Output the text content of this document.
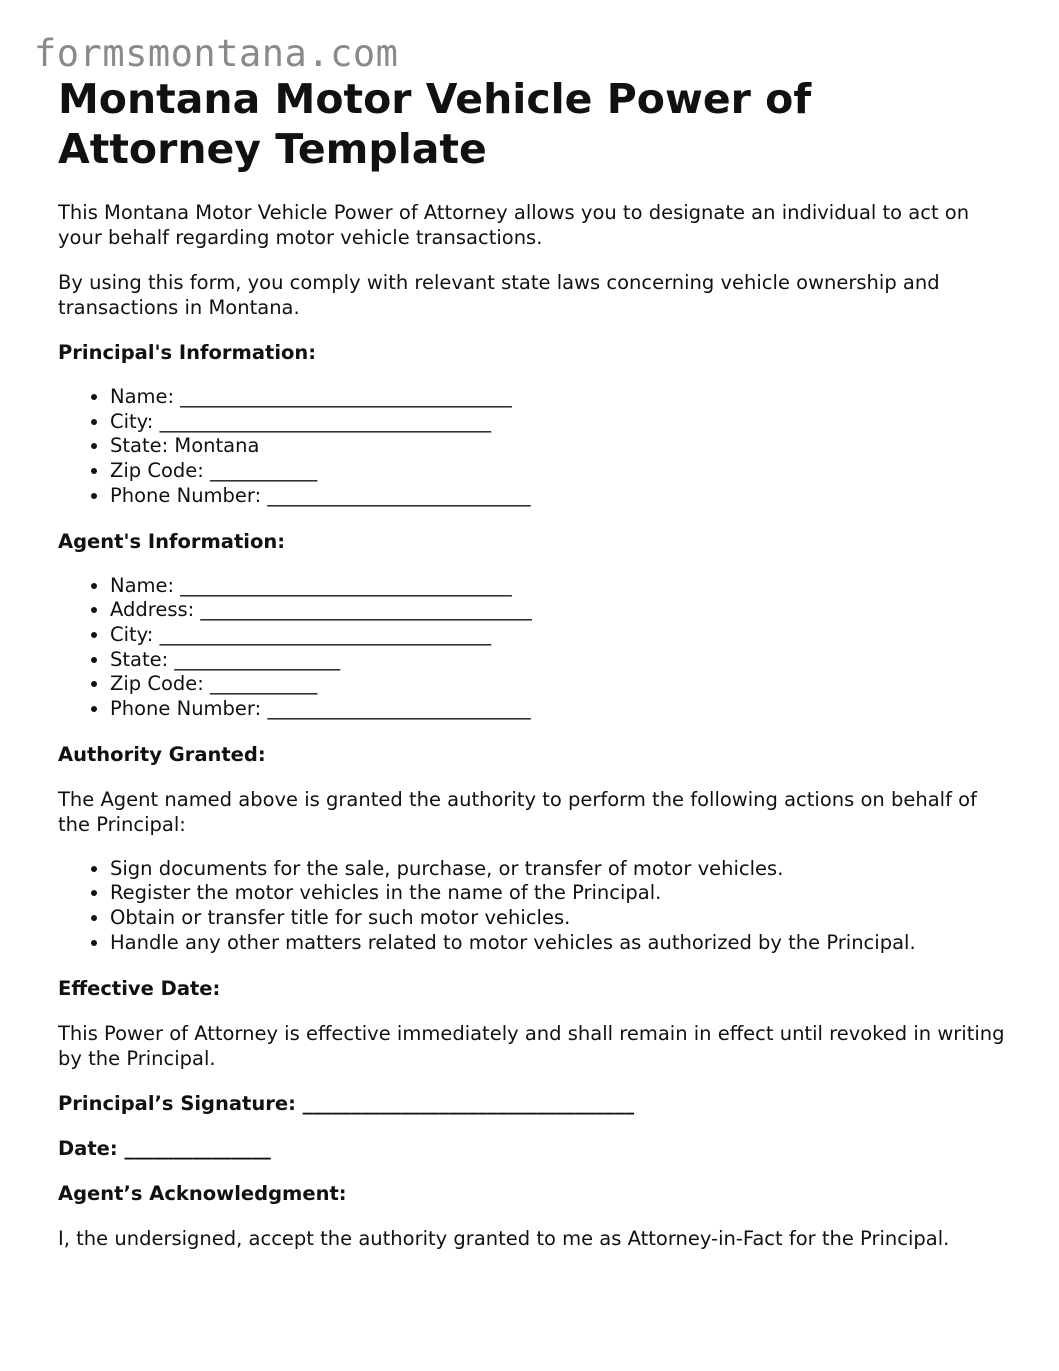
formsmontana.com
Montana Motor Vehicle Power of Attorney Template

This Montana Motor Vehicle Power of Attorney allows you to designate an individual to act on your behalf regarding motor vehicle transactions.

By using this form, you comply with relevant state laws concerning vehicle ownership and transactions in Montana.

Principal's Information:
• Name: __________________________________
• City: __________________________________
• State: Montana
• Zip Code: ___________
• Phone Number: ___________________________
Agent's Information:
• Name: __________________________________
• Address: __________________________________
• City: __________________________________
• State: _________________
• Zip Code: ___________
• Phone Number: ___________________________
Authority Granted:

The Agent named above is granted the authority to perform the following actions on behalf of the Principal:

• Sign documents for the sale, purchase, or transfer of motor vehicles.
• Register the motor vehicles in the name of the Principal.
• Obtain or transfer title for such motor vehicles.
• Handle any other matters related to motor vehicles as authorized by the Principal.
Effective Date:

This Power of Attorney is effective immediately and shall remain in effect until revoked in writing by the Principal.

Principal’s Signature: __________________________________
Date: _______________
Agent’s Acknowledgment:

I, the undersigned, accept the authority granted to me as Attorney-in-Fact for the Principal.
